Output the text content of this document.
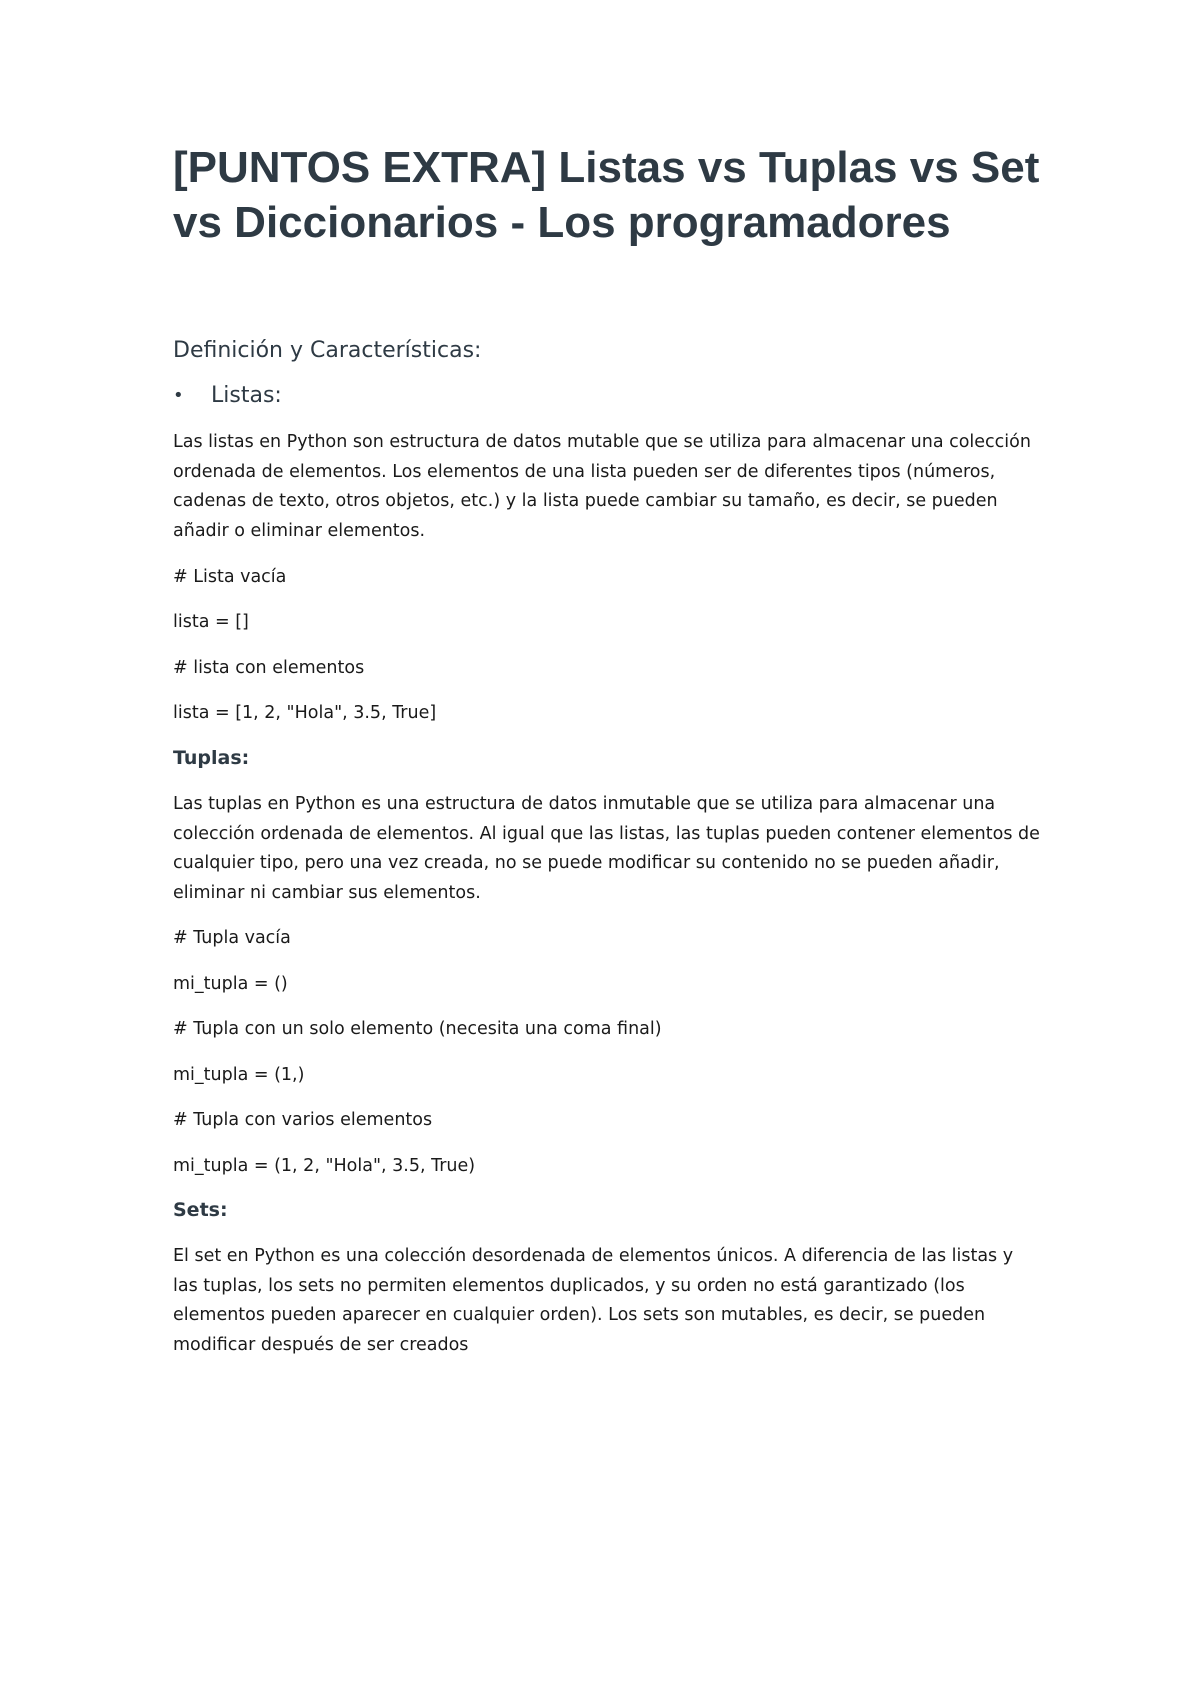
[PUNTOS EXTRA] Listas vs Tuplas vs Set vs Diccionarios - Los programadores
Definición y Características:
•	Listas:

Las listas en Python son estructura de datos mutable que se utiliza para almacenar una colección ordenada de elementos. Los elementos de una lista pueden ser de diferentes tipos (números, cadenas de texto, otros objetos, etc.) y la lista puede cambiar su tamaño, es decir, se pueden añadir o eliminar elementos.

# Lista vacía

lista = []

# lista con elementos

lista = [1, 2, "Hola", 3.5, True]

Tuplas:

Las tuplas en Python es una estructura de datos inmutable que se utiliza para almacenar una colección ordenada de elementos. Al igual que las listas, las tuplas pueden contener elementos de cualquier tipo, pero una vez creada, no se puede modificar su contenido no se pueden añadir, eliminar ni cambiar sus elementos.

# Tupla vacía

mi_tupla = ()

# Tupla con un solo elemento (necesita una coma final)

mi_tupla = (1,)

# Tupla con varios elementos

mi_tupla = (1, 2, "Hola", 3.5, True)

Sets:

El set en Python es una colección desordenada de elementos únicos. A diferencia de las listas y las tuplas, los sets no permiten elementos duplicados, y su orden no está garantizado (los elementos pueden aparecer en cualquier orden). Los sets son mutables, es decir, se pueden modificar después de ser creados
